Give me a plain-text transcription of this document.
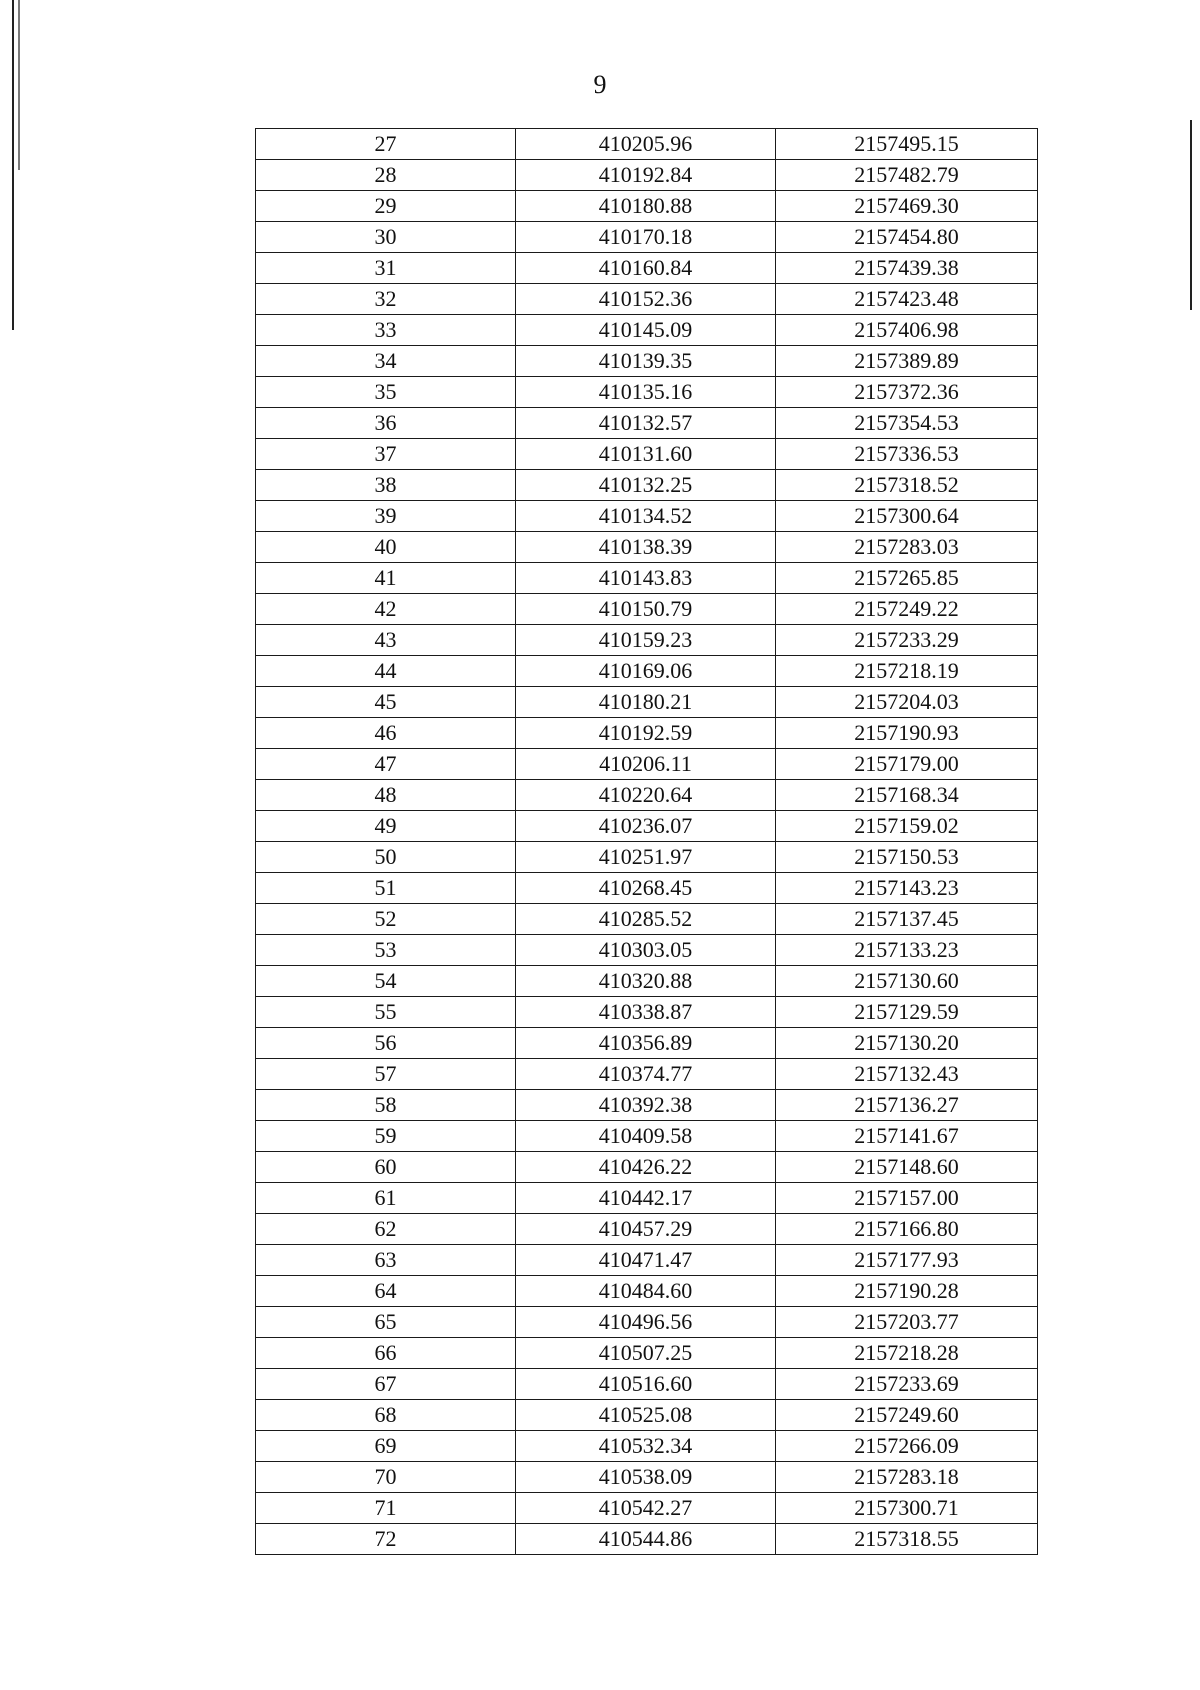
9
27	410205.96	2157495.15
28	410192.84	2157482.79
29	410180.88	2157469.30
30	410170.18	2157454.80
31	410160.84	2157439.38
32	410152.36	2157423.48
33	410145.09	2157406.98
34	410139.35	2157389.89
35	410135.16	2157372.36
36	410132.57	2157354.53
37	410131.60	2157336.53
38	410132.25	2157318.52
39	410134.52	2157300.64
40	410138.39	2157283.03
41	410143.83	2157265.85
42	410150.79	2157249.22
43	410159.23	2157233.29
44	410169.06	2157218.19
45	410180.21	2157204.03
46	410192.59	2157190.93
47	410206.11	2157179.00
48	410220.64	2157168.34
49	410236.07	2157159.02
50	410251.97	2157150.53
51	410268.45	2157143.23
52	410285.52	2157137.45
53	410303.05	2157133.23
54	410320.88	2157130.60
55	410338.87	2157129.59
56	410356.89	2157130.20
57	410374.77	2157132.43
58	410392.38	2157136.27
59	410409.58	2157141.67
60	410426.22	2157148.60
61	410442.17	2157157.00
62	410457.29	2157166.80
63	410471.47	2157177.93
64	410484.60	2157190.28
65	410496.56	2157203.77
66	410507.25	2157218.28
67	410516.60	2157233.69
68	410525.08	2157249.60
69	410532.34	2157266.09
70	410538.09	2157283.18
71	410542.27	2157300.71
72	410544.86	2157318.55
